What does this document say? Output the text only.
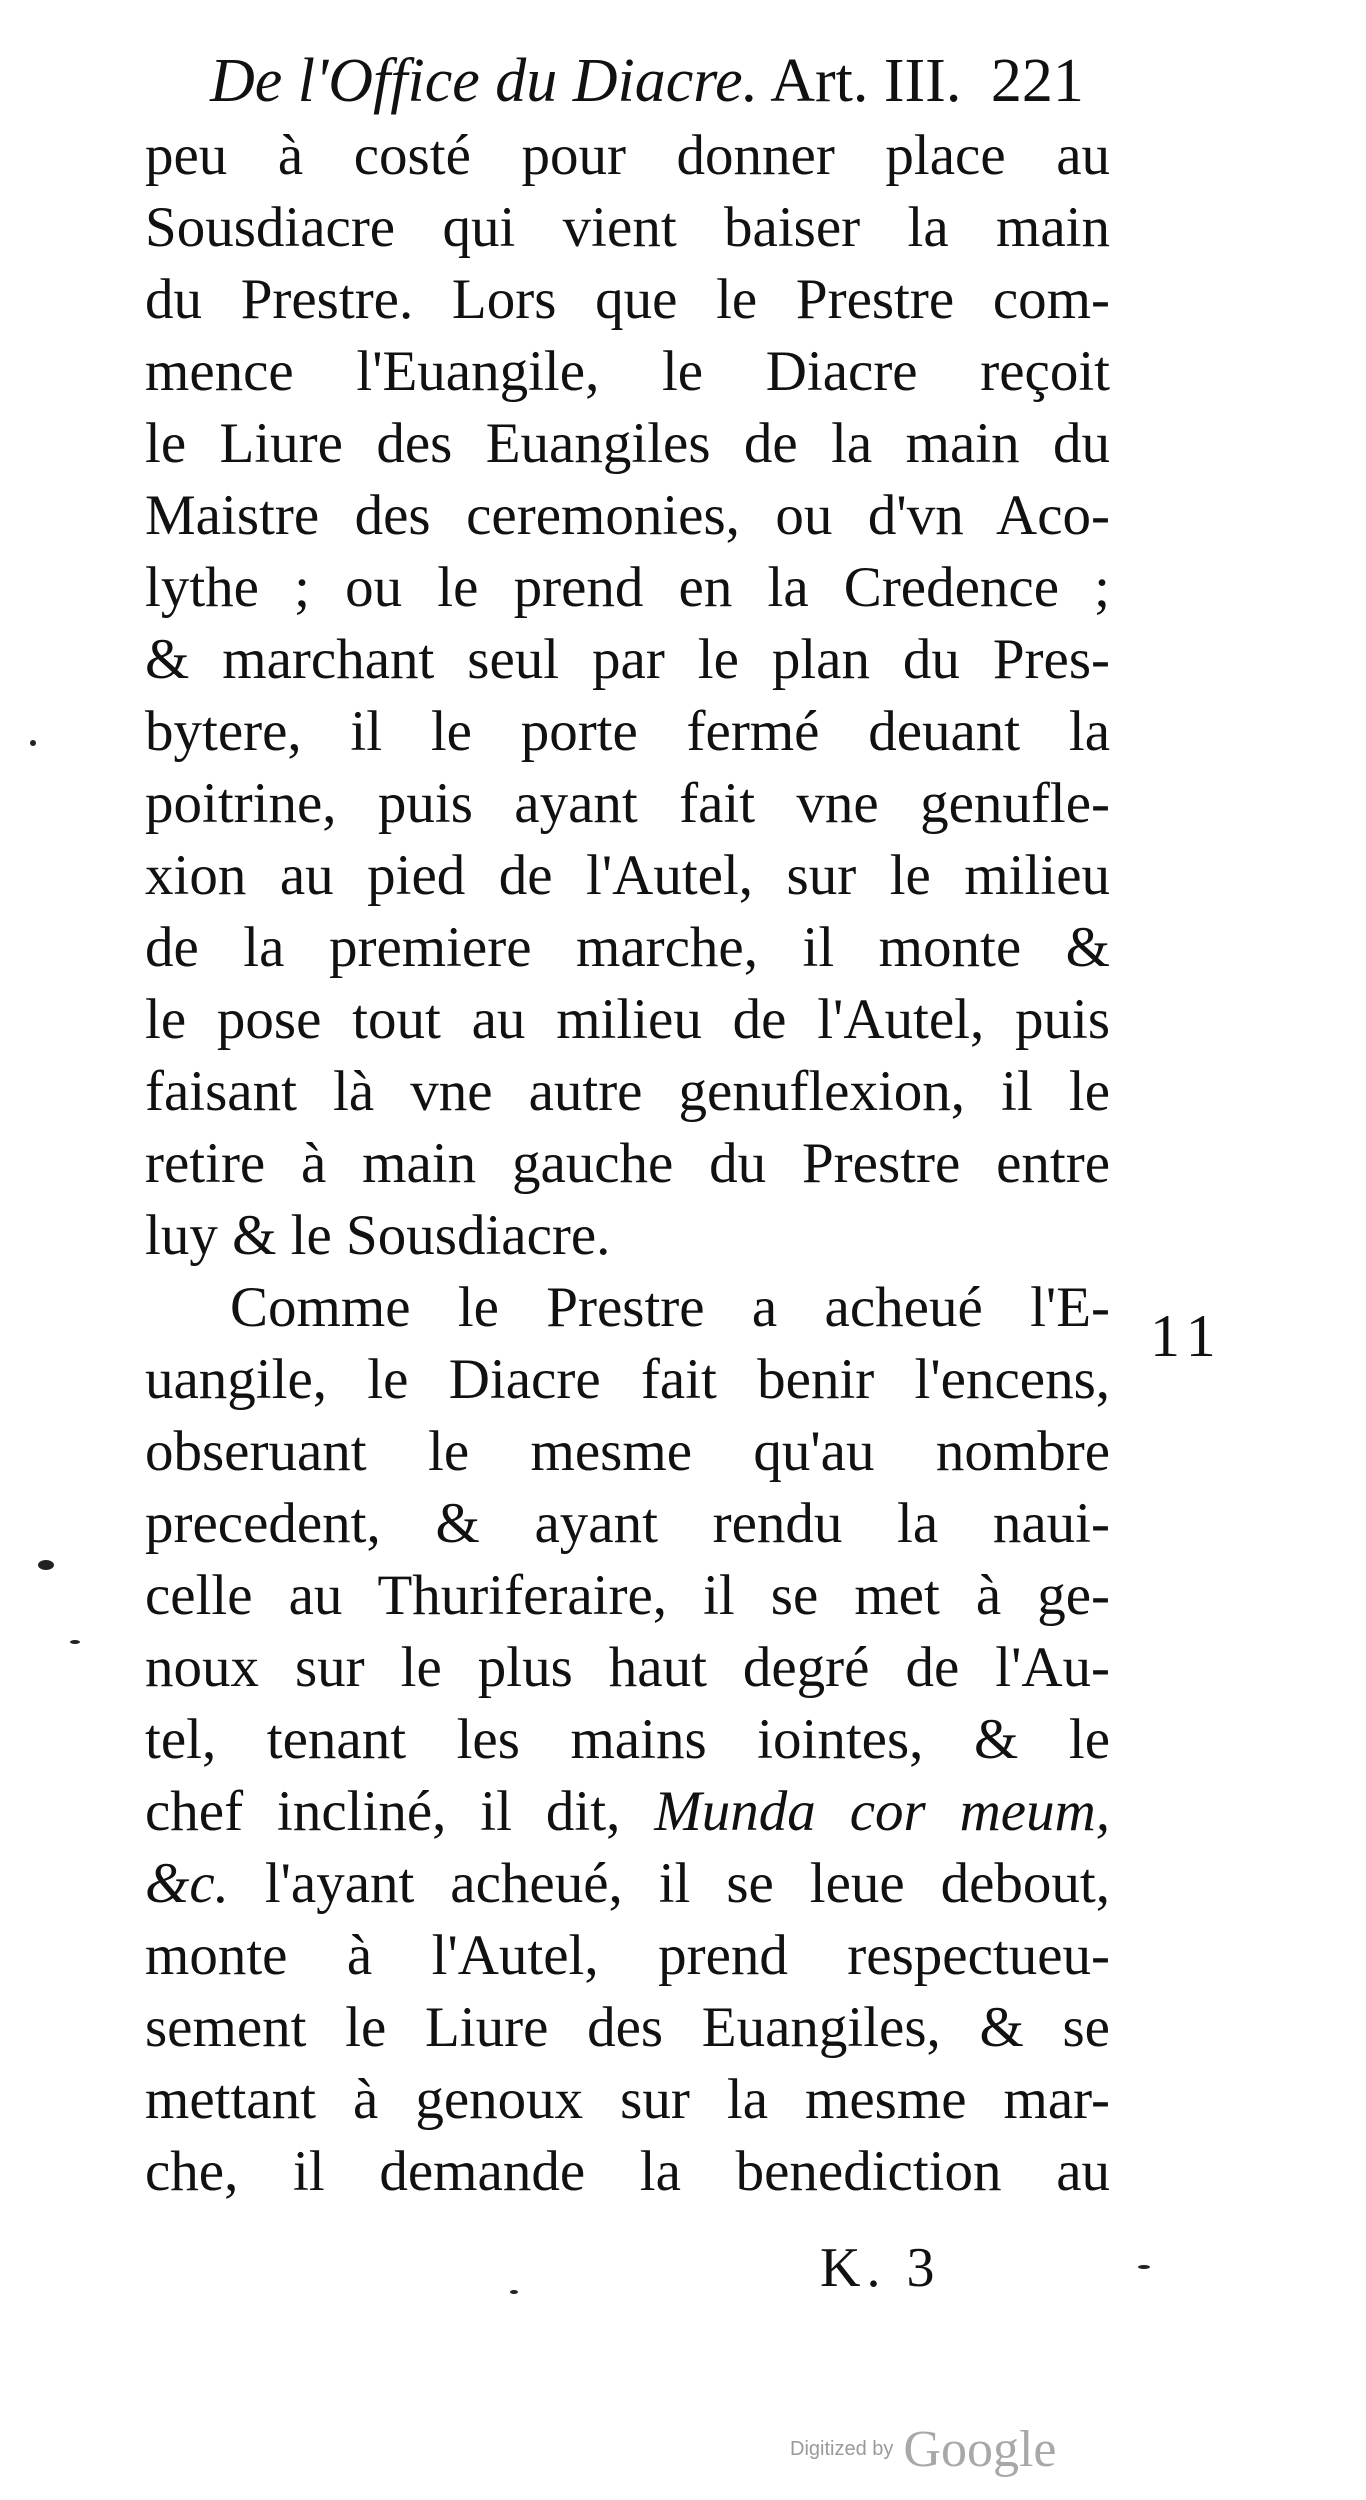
De l'Office du Diacre. Art. III. 221
peu à costé pour donner place au
Sousdiacre qui vient baiser la main
du Prestre. Lors que le Prestre com-
mence l'Euangile, le Diacre reçoit
le Liure des Euangiles de la main du
Maistre des ceremonies, ou d'vn Aco-
lythe ; ou le prend en la Credence ;
& marchant seul par le plan du Pres-
bytere, il le porte fermé deuant la
poitrine, puis ayant fait vne genufle-
xion au pied de l'Autel, sur le milieu
de la premiere marche, il monte &
le pose tout au milieu de l'Autel, puis
faisant là vne autre genuflexion, il le
retire à main gauche du Prestre entre
luy & le Sousdiacre.
Comme le Prestre a acheué l'E-
uangile, le Diacre fait benir l'encens,
obseruant le mesme qu'au nombre
precedent, & ayant rendu la naui-
celle au Thuriferaire, il se met à ge-
noux sur le plus haut degré de l'Au-
tel, tenant les mains iointes, & le
chef incliné, il dit, Munda cor meum,
&c. l'ayant acheué, il se leue debout,
monte à l'Autel, prend respectueu-
sement le Liure des Euangiles, & se
mettant à genoux sur la mesme mar-
che, il demande la benediction au
11
K. 3
Digitized by Google
